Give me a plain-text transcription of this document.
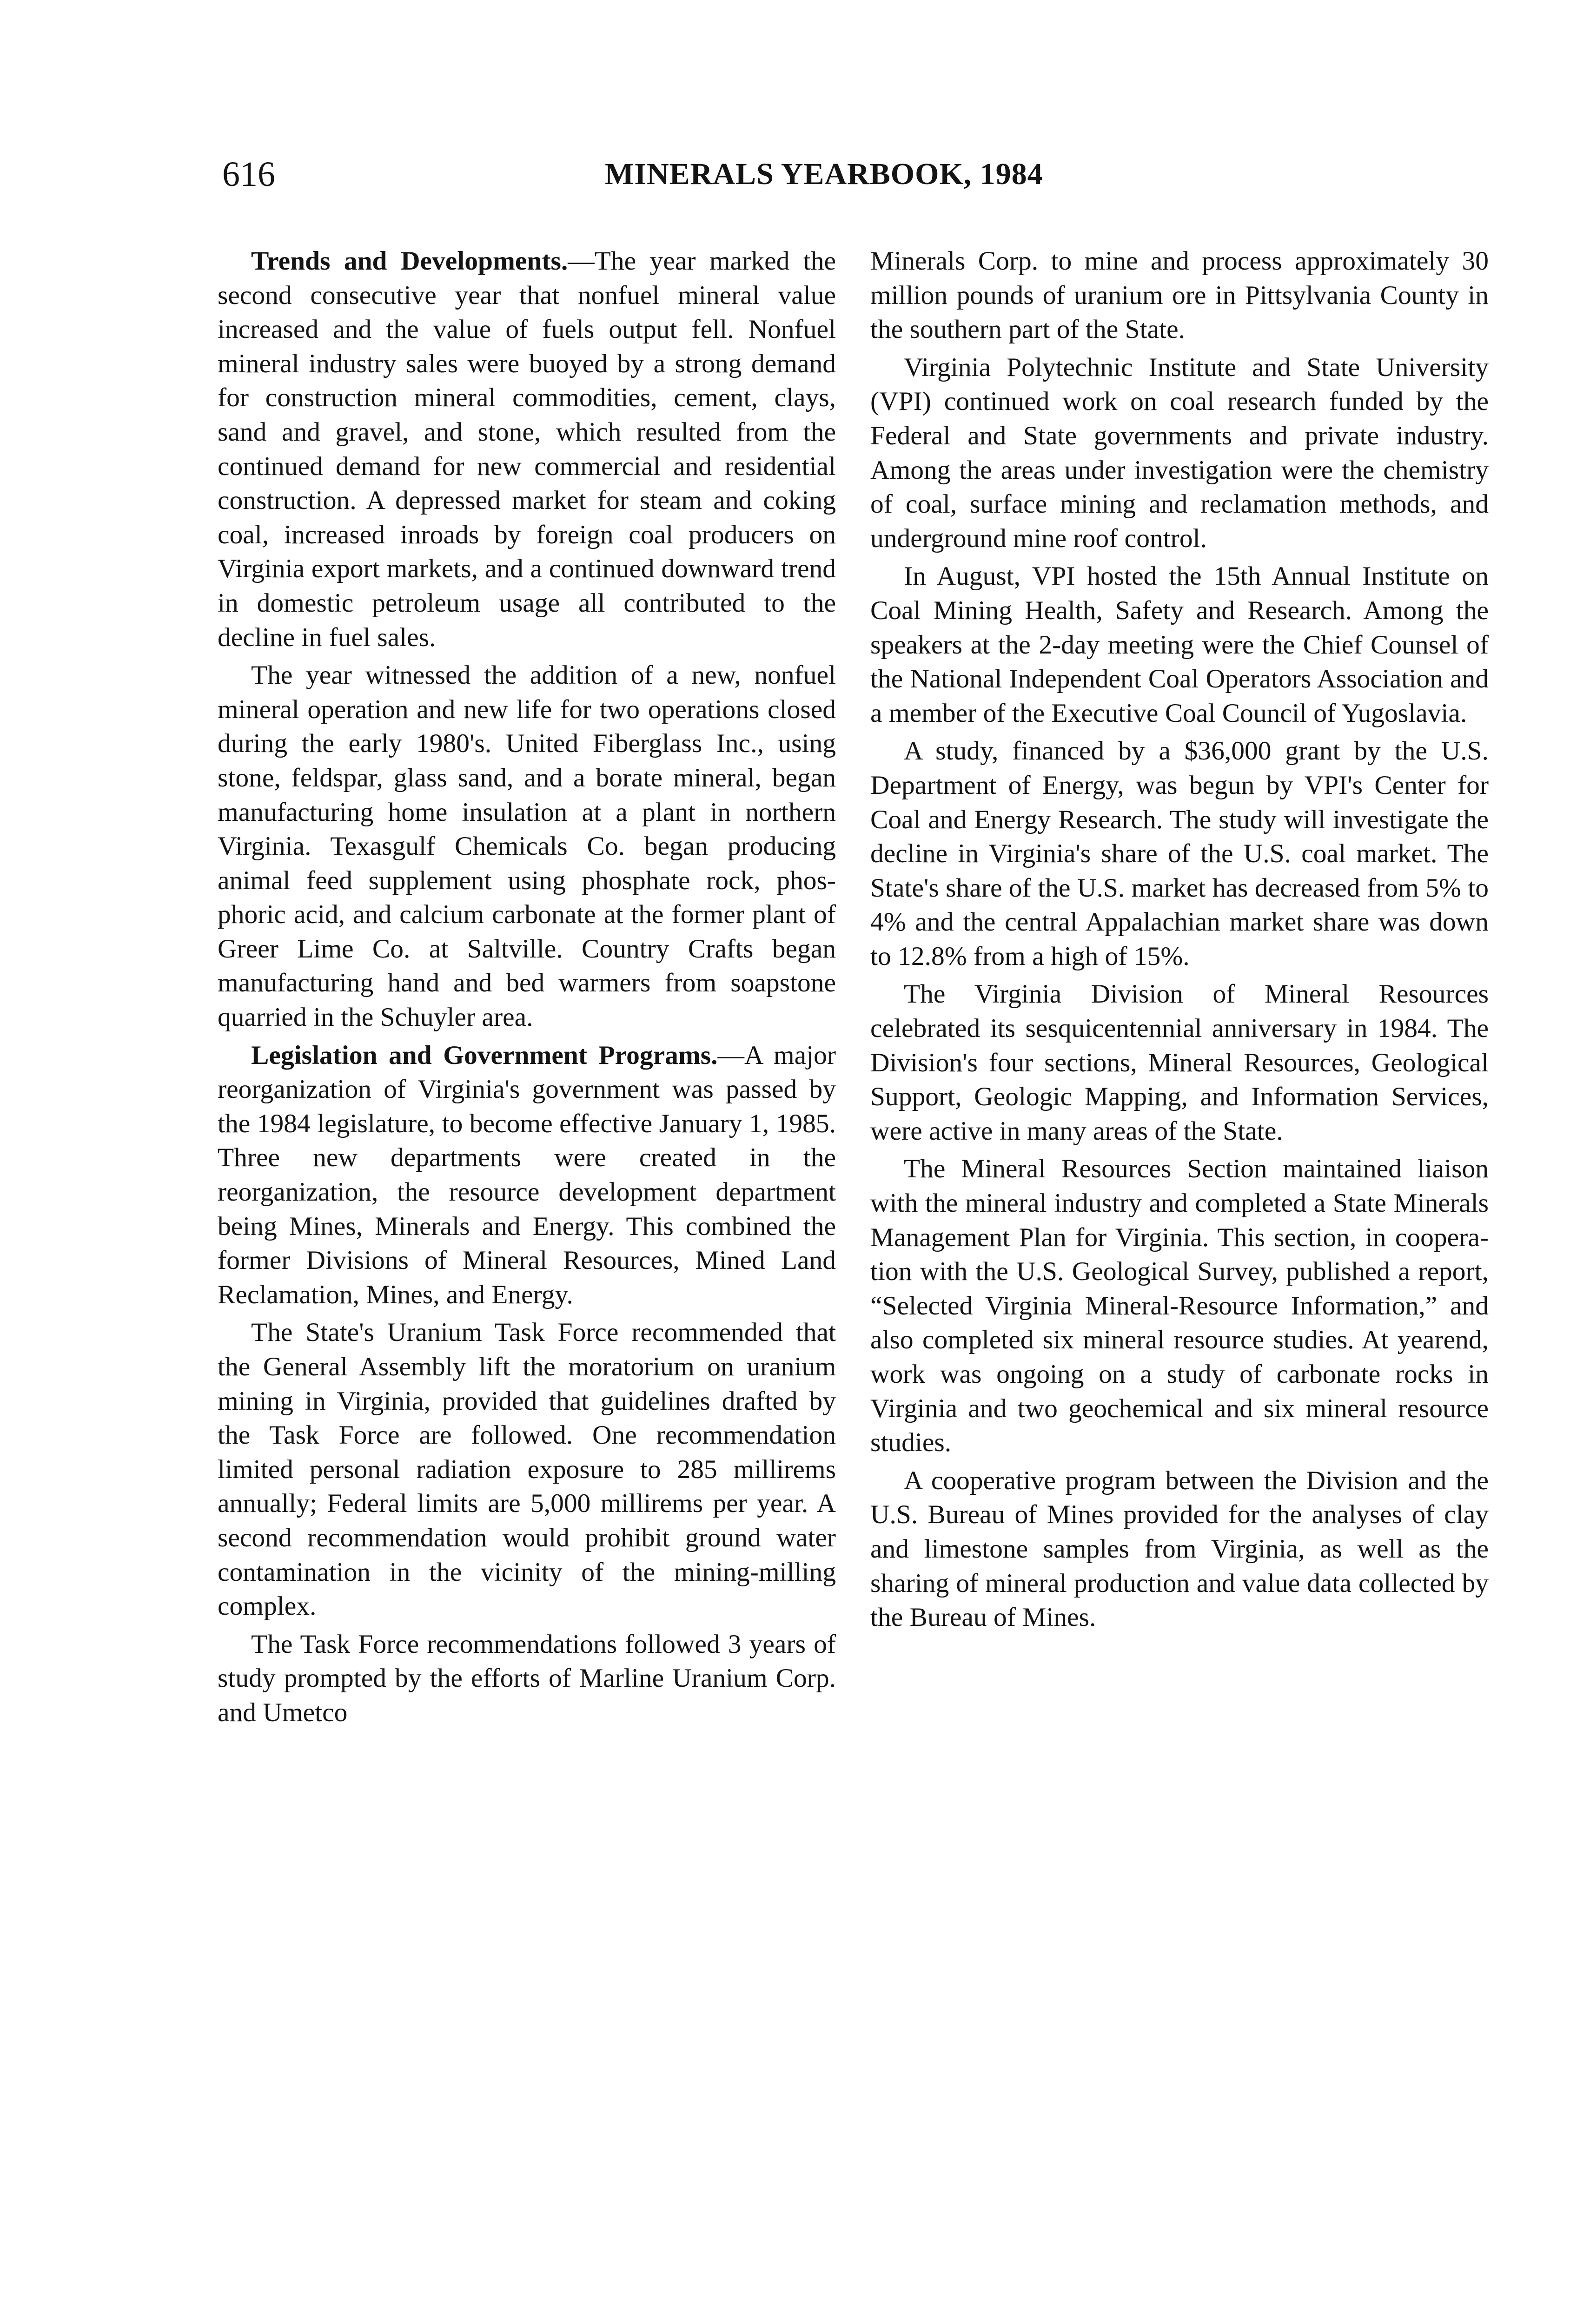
616	MINERALS YEARBOOK, 1984

Trends and Developments.—The year marked the second consecutive year that nonfuel mineral value increased and the value of fuels output fell. Nonfuel mineral industry sales were buoyed by a strong demand for construction mineral commodities, cement, clays, sand and gravel, and stone, which resulted from the continued demand for new commercial and residential construction. A depressed market for steam and coking coal, increased inroads by foreign coal producers on Virginia export markets, and a continued downward trend in domestic petroleum usage all contributed to the decline in fuel sales.

The year witnessed the addition of a new, nonfuel mineral operation and new life for two operations closed during the early 1980's. United Fiberglass Inc., using stone, feldspar, glass sand, and a borate mineral, began manufacturing home insulation at a plant in northern Virginia. Texasgulf Chemicals Co. began producing animal feed supplement using phosphate rock, phosphoric acid, and calcium carbonate at the former plant of Greer Lime Co. at Saltville. Country Crafts began manufacturing hand and bed warmers from soapstone quarried in the Schuyler area.

Legislation and Government Programs.—A major reorganization of Virginia's government was passed by the 1984 legislature, to become effective January 1, 1985. Three new departments were created in the reorganization, the resource development department being Mines, Minerals and Energy. This combined the former Divisions of Mineral Resources, Mined Land Reclamation, Mines, and Energy.

The State's Uranium Task Force recommended that the General Assembly lift the moratorium on uranium mining in Virginia, provided that guidelines drafted by the Task Force are followed. One recommendation limited personal radiation exposure to 285 millirems annually; Federal limits are 5,000 millirems per year. A second recommendation would prohibit ground water contamination in the vicinity of the mining-milling complex.

The Task Force recommendations followed 3 years of study prompted by the efforts of Marline Uranium Corp. and Umetco

Minerals Corp. to mine and process approximately 30 million pounds of uranium ore in Pittsylvania County in the southern part of the State.

Virginia Polytechnic Institute and State University (VPI) continued work on coal research funded by the Federal and State governments and private industry. Among the areas under investigation were the chemistry of coal, surface mining and reclamation methods, and underground mine roof control.

In August, VPI hosted the 15th Annual Institute on Coal Mining Health, Safety and Research. Among the speakers at the 2-day meeting were the Chief Counsel of the National Independent Coal Operators Association and a member of the Executive Coal Council of Yugoslavia.

A study, financed by a $36,000 grant by the U.S. Department of Energy, was begun by VPI's Center for Coal and Energy Research. The study will investigate the decline in Virginia's share of the U.S. coal market. The State's share of the U.S. market has decreased from 5% to 4% and the central Appalachian market share was down to 12.8% from a high of 15%.

The Virginia Division of Mineral Resources celebrated its sesquicentennial anniversary in 1984. The Division's four sections, Mineral Resources, Geological Support, Geologic Mapping, and Information Services, were active in many areas of the State.

The Mineral Resources Section maintained liaison with the mineral industry and completed a State Minerals Management Plan for Virginia. This section, in cooperation with the U.S. Geological Survey, published a report, “Selected Virginia Mineral-Resource Information,” and also completed six mineral resource studies. At yearend, work was ongoing on a study of carbonate rocks in Virginia and two geochemical and six mineral resource studies.

A cooperative program between the Division and the U.S. Bureau of Mines provided for the analyses of clay and limestone samples from Virginia, as well as the sharing of mineral production and value data collected by the Bureau of Mines.
